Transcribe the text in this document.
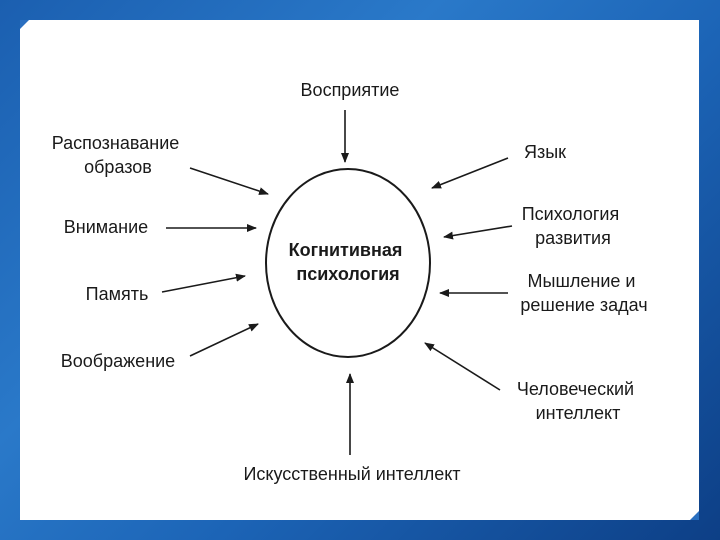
Когнитивная психология
Восприятие
Распознавание образов
Язык
Внимание
Психология развития
Память
Мышление и решение задач
Воображение
Человеческий интеллект
Искусственный интеллект
